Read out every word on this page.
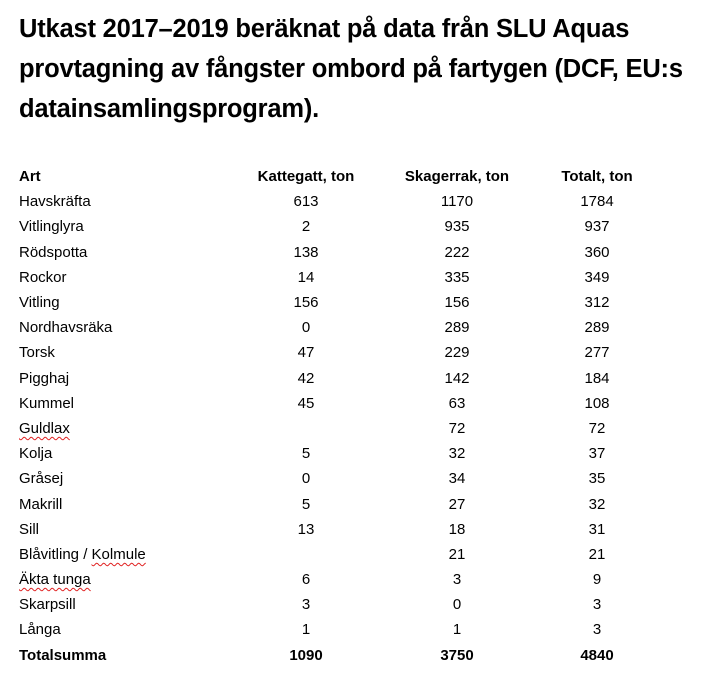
Utkast 2017–2019 beräknat på data från SLU Aquas
provtagning av fångster ombord på fartygen (DCF, EU:s
datainsamlingsprogram).

Art	Kattegatt, ton	Skagerrak, ton	Totalt, ton
Havskräfta	613	1170	1784
Vitlinglyra	2	935	937
Rödspotta	138	222	360
Rockor	14	335	349
Vitling	156	156	312
Nordhavsräka	0	289	289
Torsk	47	229	277
Pigghaj	42	142	184
Kummel	45	63	108
Guldlax		72	72
Kolja	5	32	37
Gråsej	0	34	35
Makrill	5	27	32
Sill	13	18	31
Blåvitling / Kolmule		21	21
Äkta tunga	6	3	9
Skarpsill	3	0	3
Långa	1	1	3
Totalsumma	1090	3750	4840
